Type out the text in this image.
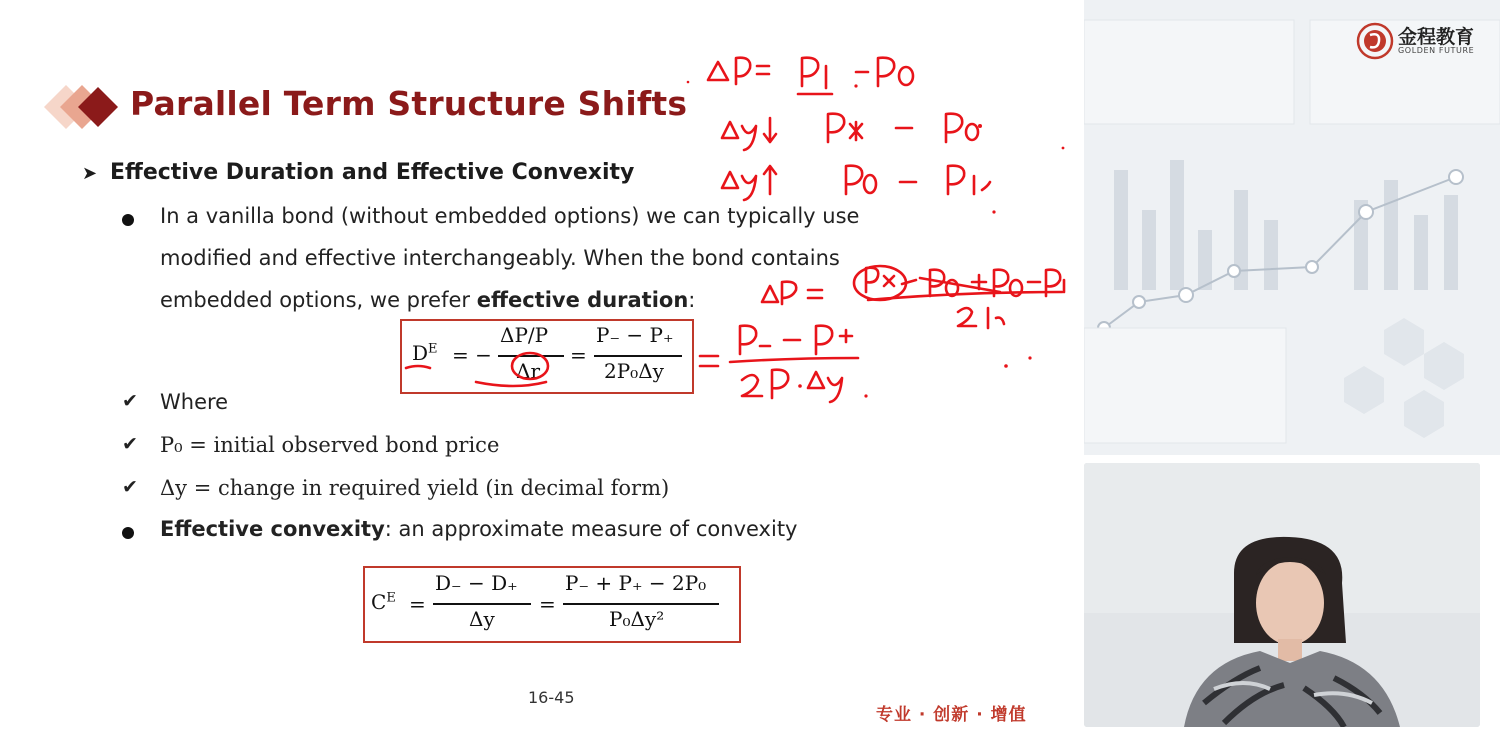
Parallel Term Structure Shifts
➤ Effective Duration and Effective Convexity
In a vanilla bond (without embedded options) we can typically use
modified and effective interchangeably. When the bond contains
embedded options, we prefer effective duration:
$D^E$ = −
ΔP/P
Δr
=
P₋ − P₊
2P₀Δy
✔ Where
✔ P₀ = initial observed bond price
✔ Δy = change in required yield (in decimal form)
Effective convexity: an approximate measure of convexity
$C^E$ =
D₋ − D₊
Δy
=
P₋ + P₊ − 2P₀
P₀Δy²
16-45
专业 · 创新 · 增值
金程教育
GOLDEN FUTURE
